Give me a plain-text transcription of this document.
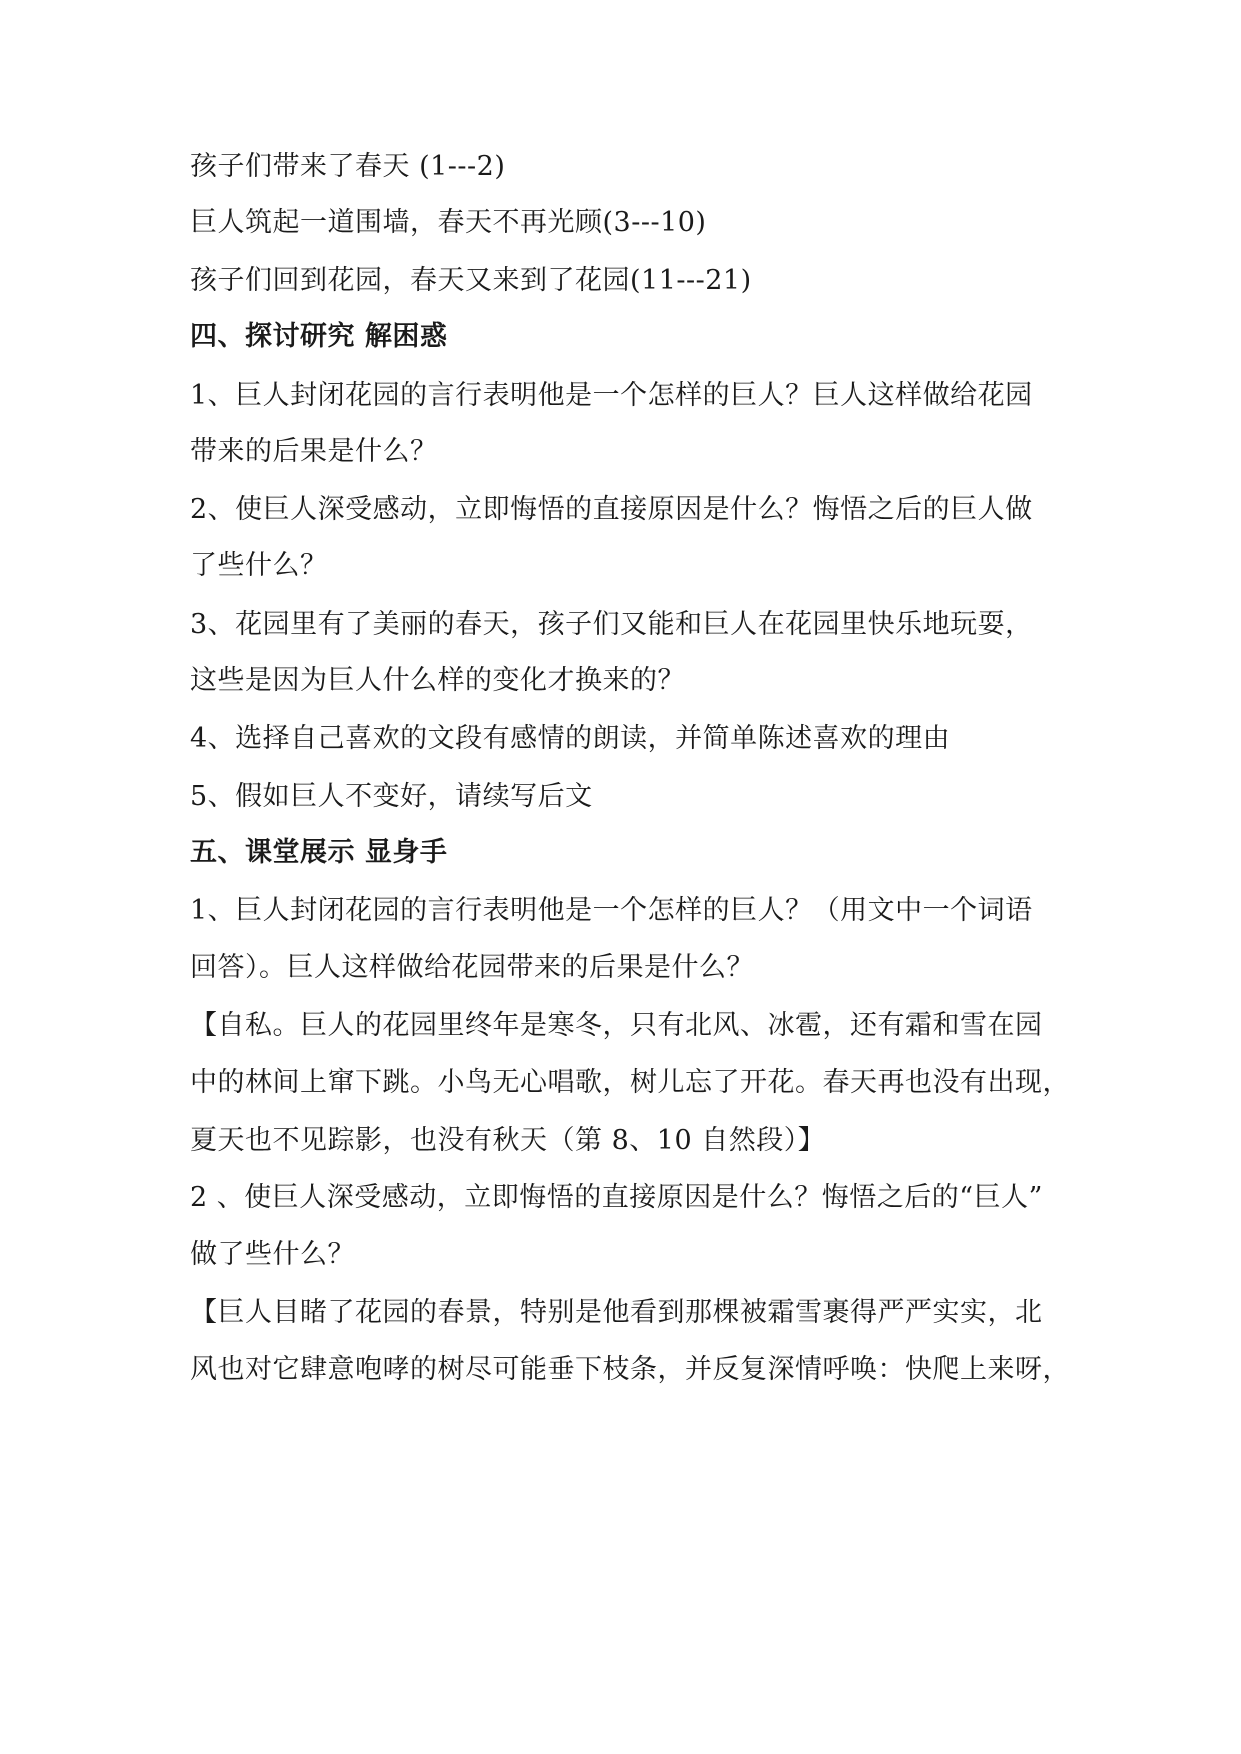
孩子们带来了春天 (1---2)
巨人筑起一道围墙，春天不再光顾(3---10)
孩子们回到花园，春天又来到了花园(11---21)
四、探讨研究 解困惑
1、巨人封闭花园的言行表明他是一个怎样的巨人？巨人这样做给花园
带来的后果是什么？
2、使巨人深受感动，立即悔悟的直接原因是什么？悔悟之后的巨人做
了些什么？
3、花园里有了美丽的春天，孩子们又能和巨人在花园里快乐地玩耍，
这些是因为巨人什么样的变化才换来的？
4、选择自己喜欢的文段有感情的朗读，并简单陈述喜欢的理由
5、假如巨人不变好，请续写后文
五、课堂展示 显身手
1、巨人封闭花园的言行表明他是一个怎样的巨人？（用文中一个词语
回答）。巨人这样做给花园带来的后果是什么？
【自私。巨人的花园里终年是寒冬，只有北风、冰雹，还有霜和雪在园
中的林间上窜下跳。小鸟无心唱歌，树儿忘了开花。春天再也没有出现，
夏天也不见踪影，也没有秋天（第 8、10 自然段）】
2 、使巨人深受感动，立即悔悟的直接原因是什么？悔悟之后的“巨人”
做了些什么？
【巨人目睹了花园的春景，特别是他看到那棵被霜雪裹得严严实实，北
风也对它肆意咆哮的树尽可能垂下枝条，并反复深情呼唤：快爬上来呀，
